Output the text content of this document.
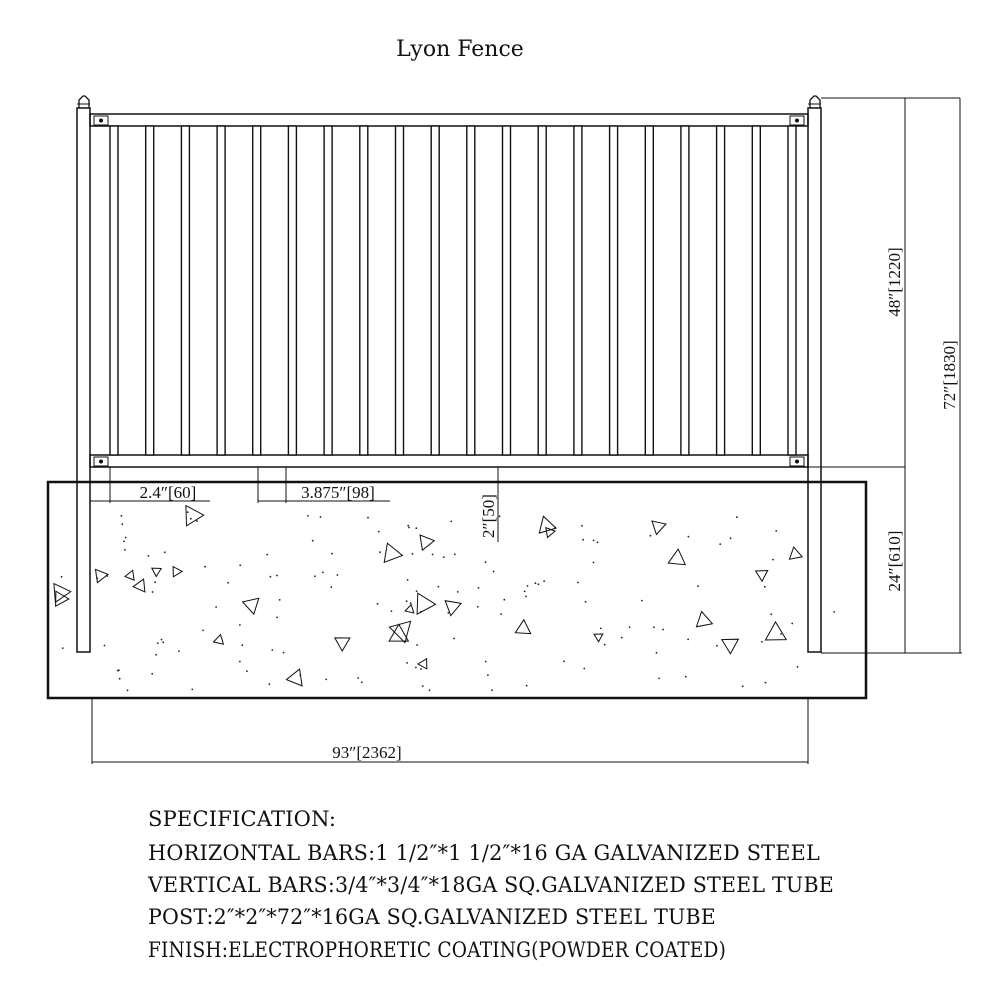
Lyon Fence
48″[1220]
72″[1830]
24″[610]
93″[2362]
2.4″[60]	3.875″[98]
2″[50]
SPECIFICATION:
HORIZONTAL BARS:1 1/2″*1 1/2″*16 GA GALVANIZED STEEL
VERTICAL BARS:3/4″*3/4″*18GA SQ.GALVANIZED STEEL TUBE
POST:2″*2″*72″*16GA SQ.GALVANIZED STEEL TUBE
FINISH:ELECTROPHORETIC COATING(POWDER COATED)
